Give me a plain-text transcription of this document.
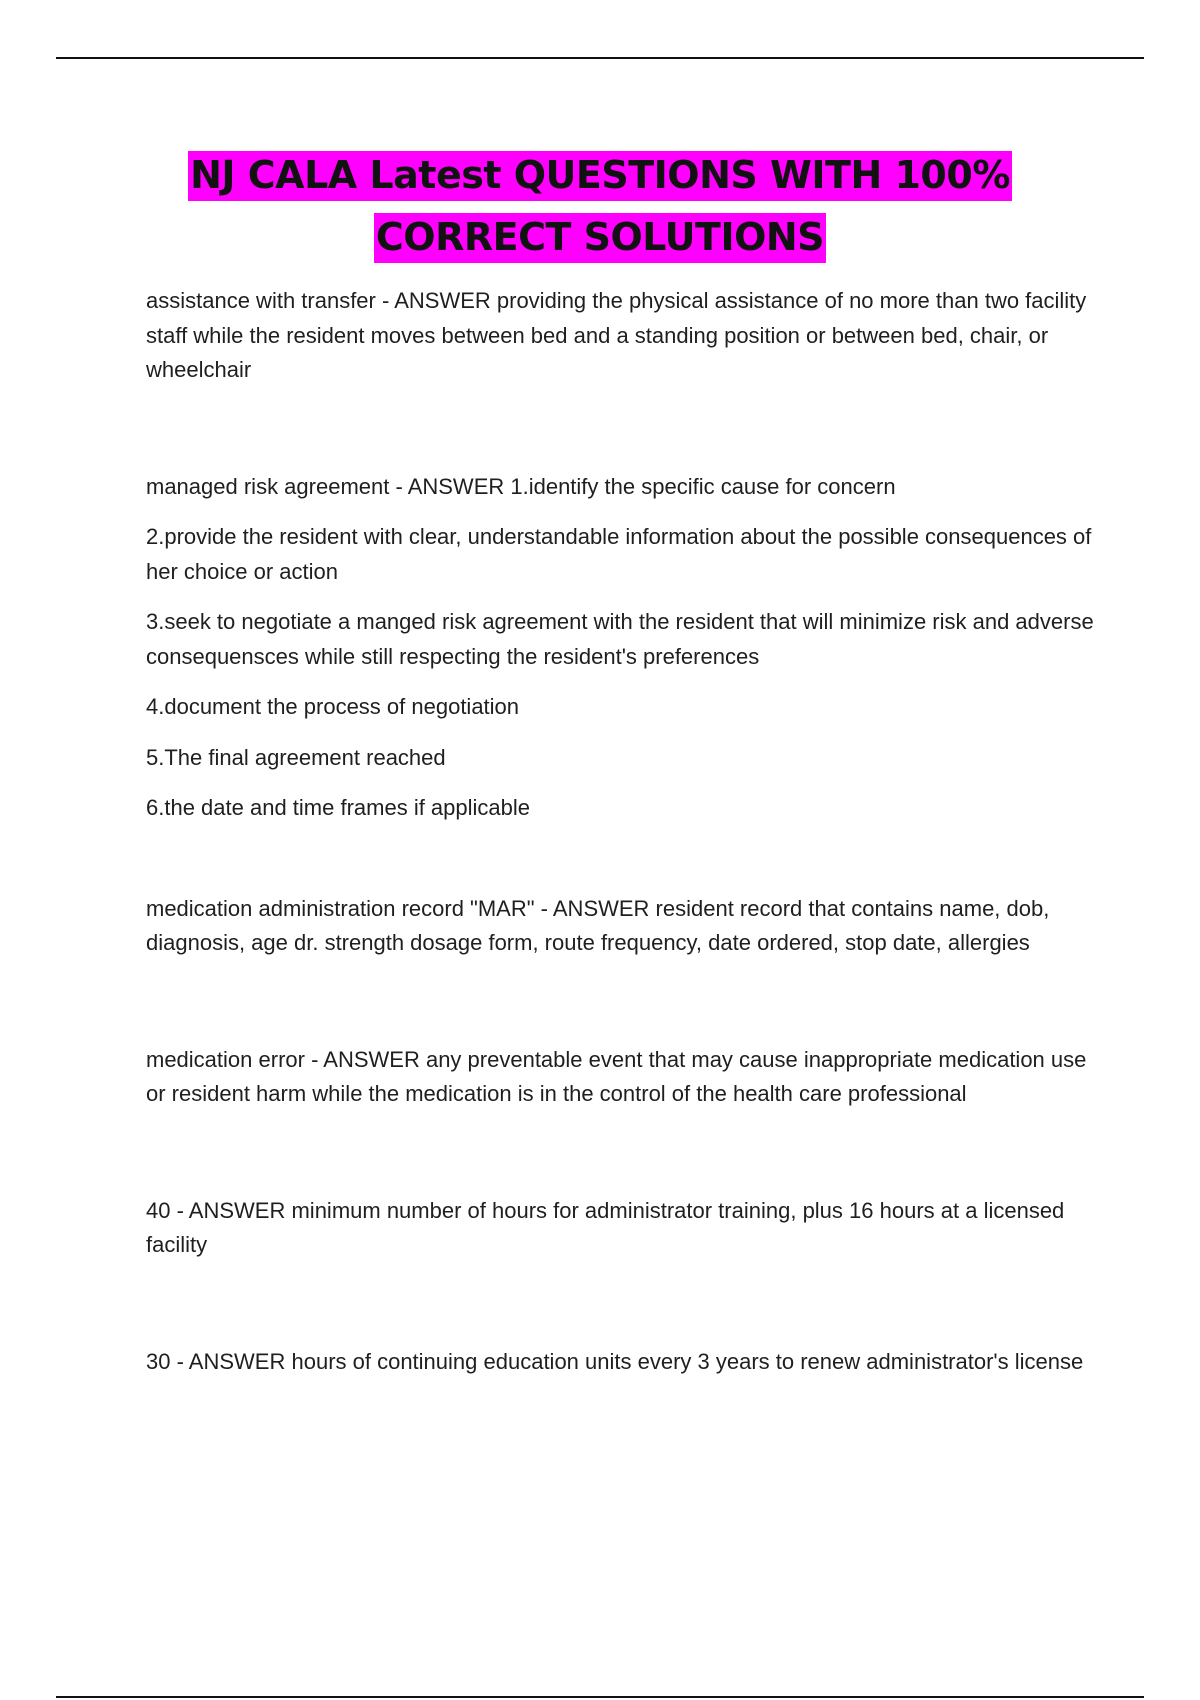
NJ CALA Latest QUESTIONS WITH 100% CORRECT SOLUTIONS

assistance with transfer - ANSWER providing the physical assistance of no more than two facility staff while the resident moves between bed and a standing position or between bed, chair, or wheelchair

managed risk agreement - ANSWER 1.identify the specific cause for concern

2.provide the resident with clear, understandable information about the possible consequences of her choice or action

3.seek to negotiate a manged risk agreement with the resident that will minimize risk and adverse consequensces while still respecting the resident's preferences

4.document the process of negotiation

5.The final agreement reached

6.the date and time frames if applicable

medication administration record "MAR" - ANSWER resident record that contains name, dob, diagnosis, age dr. strength dosage form, route frequency, date ordered, stop date, allergies

medication error - ANSWER any preventable event that may cause inappropriate medication use or resident harm while the medication is in the control of the health care professional

40 - ANSWER minimum number of hours for administrator training, plus 16 hours at a licensed facility

30 - ANSWER hours of continuing education units every 3 years to renew administrator's license
